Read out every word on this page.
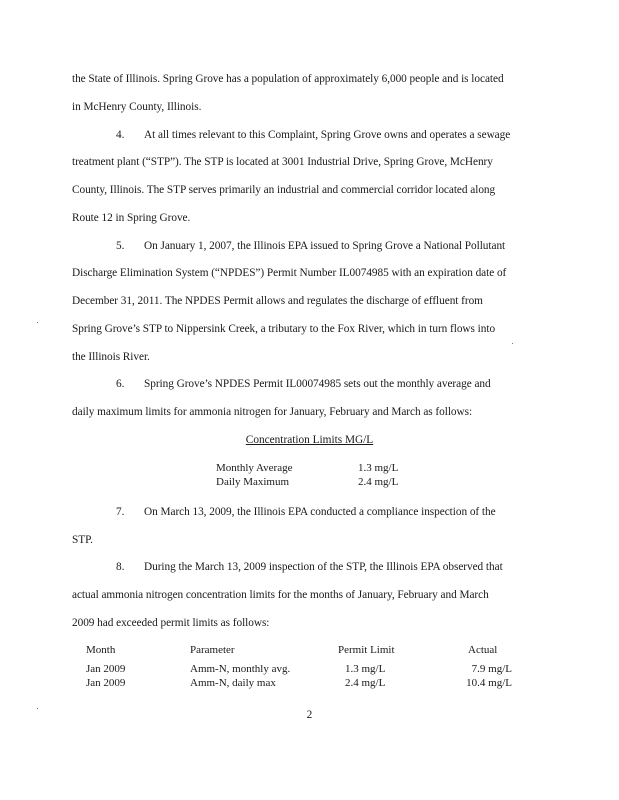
the State of Illinois. Spring Grove has a population of approximately 6,000 people and is located
in McHenry County, Illinois.
4. At all times relevant to this Complaint, Spring Grove owns and operates a sewage
treatment plant (“STP”). The STP is located at 3001 Industrial Drive, Spring Grove, McHenry
County, Illinois. The STP serves primarily an industrial and commercial corridor located along
Route 12 in Spring Grove.
5. On January 1, 2007, the Illinois EPA issued to Spring Grove a National Pollutant
Discharge Elimination System (“NPDES”) Permit Number IL0074985 with an expiration date of
December 31, 2011. The NPDES Permit allows and regulates the discharge of effluent from
Spring Grove’s STP to Nippersink Creek, a tributary to the Fox River, which in turn flows into
the Illinois River.
6. Spring Grove’s NPDES Permit IL00074985 sets out the monthly average and
daily maximum limits for ammonia nitrogen for January, February and March as follows:
Concentration Limits MG/L
Monthly Average	1.3 mg/L
Daily Maximum	2.4 mg/L
7. On March 13, 2009, the Illinois EPA conducted a compliance inspection of the
STP.
8. During the March 13, 2009 inspection of the STP, the Illinois EPA observed that
actual ammonia nitrogen concentration limits for the months of January, February and March
2009 had exceeded permit limits as follows:
Month	Parameter	Permit Limit	Actual
Jan 2009	Amm-N, monthly avg.	1.3 mg/L	7.9 mg/L
Jan 2009	Amm-N, daily max	2.4 mg/L	10.4 mg/L
2
